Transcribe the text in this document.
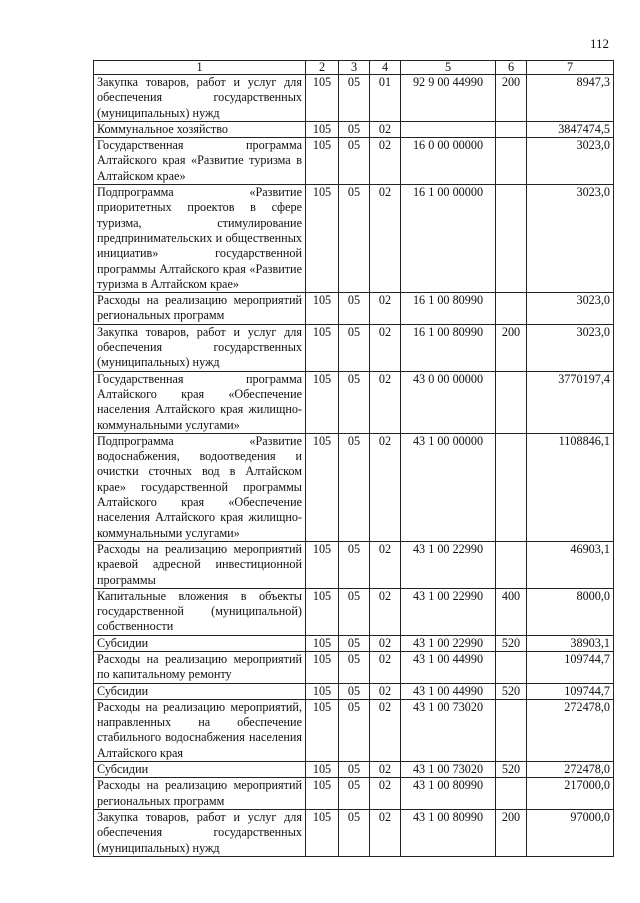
112
1	2	3	4	5	6	7
Закупка товаров, работ и услуг для обеспечения государственных (муниципальных) нужд	105	05	01	92 9 00 44990	200	8947,3
Коммунальное хозяйство	105	05	02			3847474,5
Государственная программа Алтайского края «Развитие туризма в Алтайском крае»	105	05	02	16 0 00 00000		3023,0
Подпрограмма «Развитие приоритетных проектов в сфере туризма, стимулирование предпринимательских и общественных инициатив» государственной программы Алтайского края «Развитие туризма в Алтайском крае»	105	05	02	16 1 00 00000		3023,0
Расходы на реализацию мероприятий региональных программ	105	05	02	16 1 00 80990		3023,0
Закупка товаров, работ и услуг для обеспечения государственных (муниципальных) нужд	105	05	02	16 1 00 80990	200	3023,0
Государственная программа Алтайского края «Обеспечение населения Алтайского края жилищно-коммунальными услугами»	105	05	02	43 0 00 00000		3770197,4
Подпрограмма «Развитие водоснабжения, водоотведения и очистки сточных вод в Алтайском крае» государственной программы Алтайского края «Обеспечение населения Алтайского края жилищно-коммунальными услугами»	105	05	02	43 1 00 00000		1108846,1
Расходы на реализацию мероприятий краевой адресной инвестиционной программы	105	05	02	43 1 00 22990		46903,1
Капитальные вложения в объекты государственной (муниципальной) собственности	105	05	02	43 1 00 22990	400	8000,0
Субсидии	105	05	02	43 1 00 22990	520	38903,1
Расходы на реализацию мероприятий по капитальному ремонту	105	05	02	43 1 00 44990		109744,7
Субсидии	105	05	02	43 1 00 44990	520	109744,7
Расходы на реализацию мероприятий, направленных на обеспечение стабильного водоснабжения населения Алтайского края	105	05	02	43 1 00 73020		272478,0
Субсидии	105	05	02	43 1 00 73020	520	272478,0
Расходы на реализацию мероприятий региональных программ	105	05	02	43 1 00 80990		217000,0
Закупка товаров, работ и услуг для обеспечения государственных (муниципальных) нужд	105	05	02	43 1 00 80990	200	97000,0
